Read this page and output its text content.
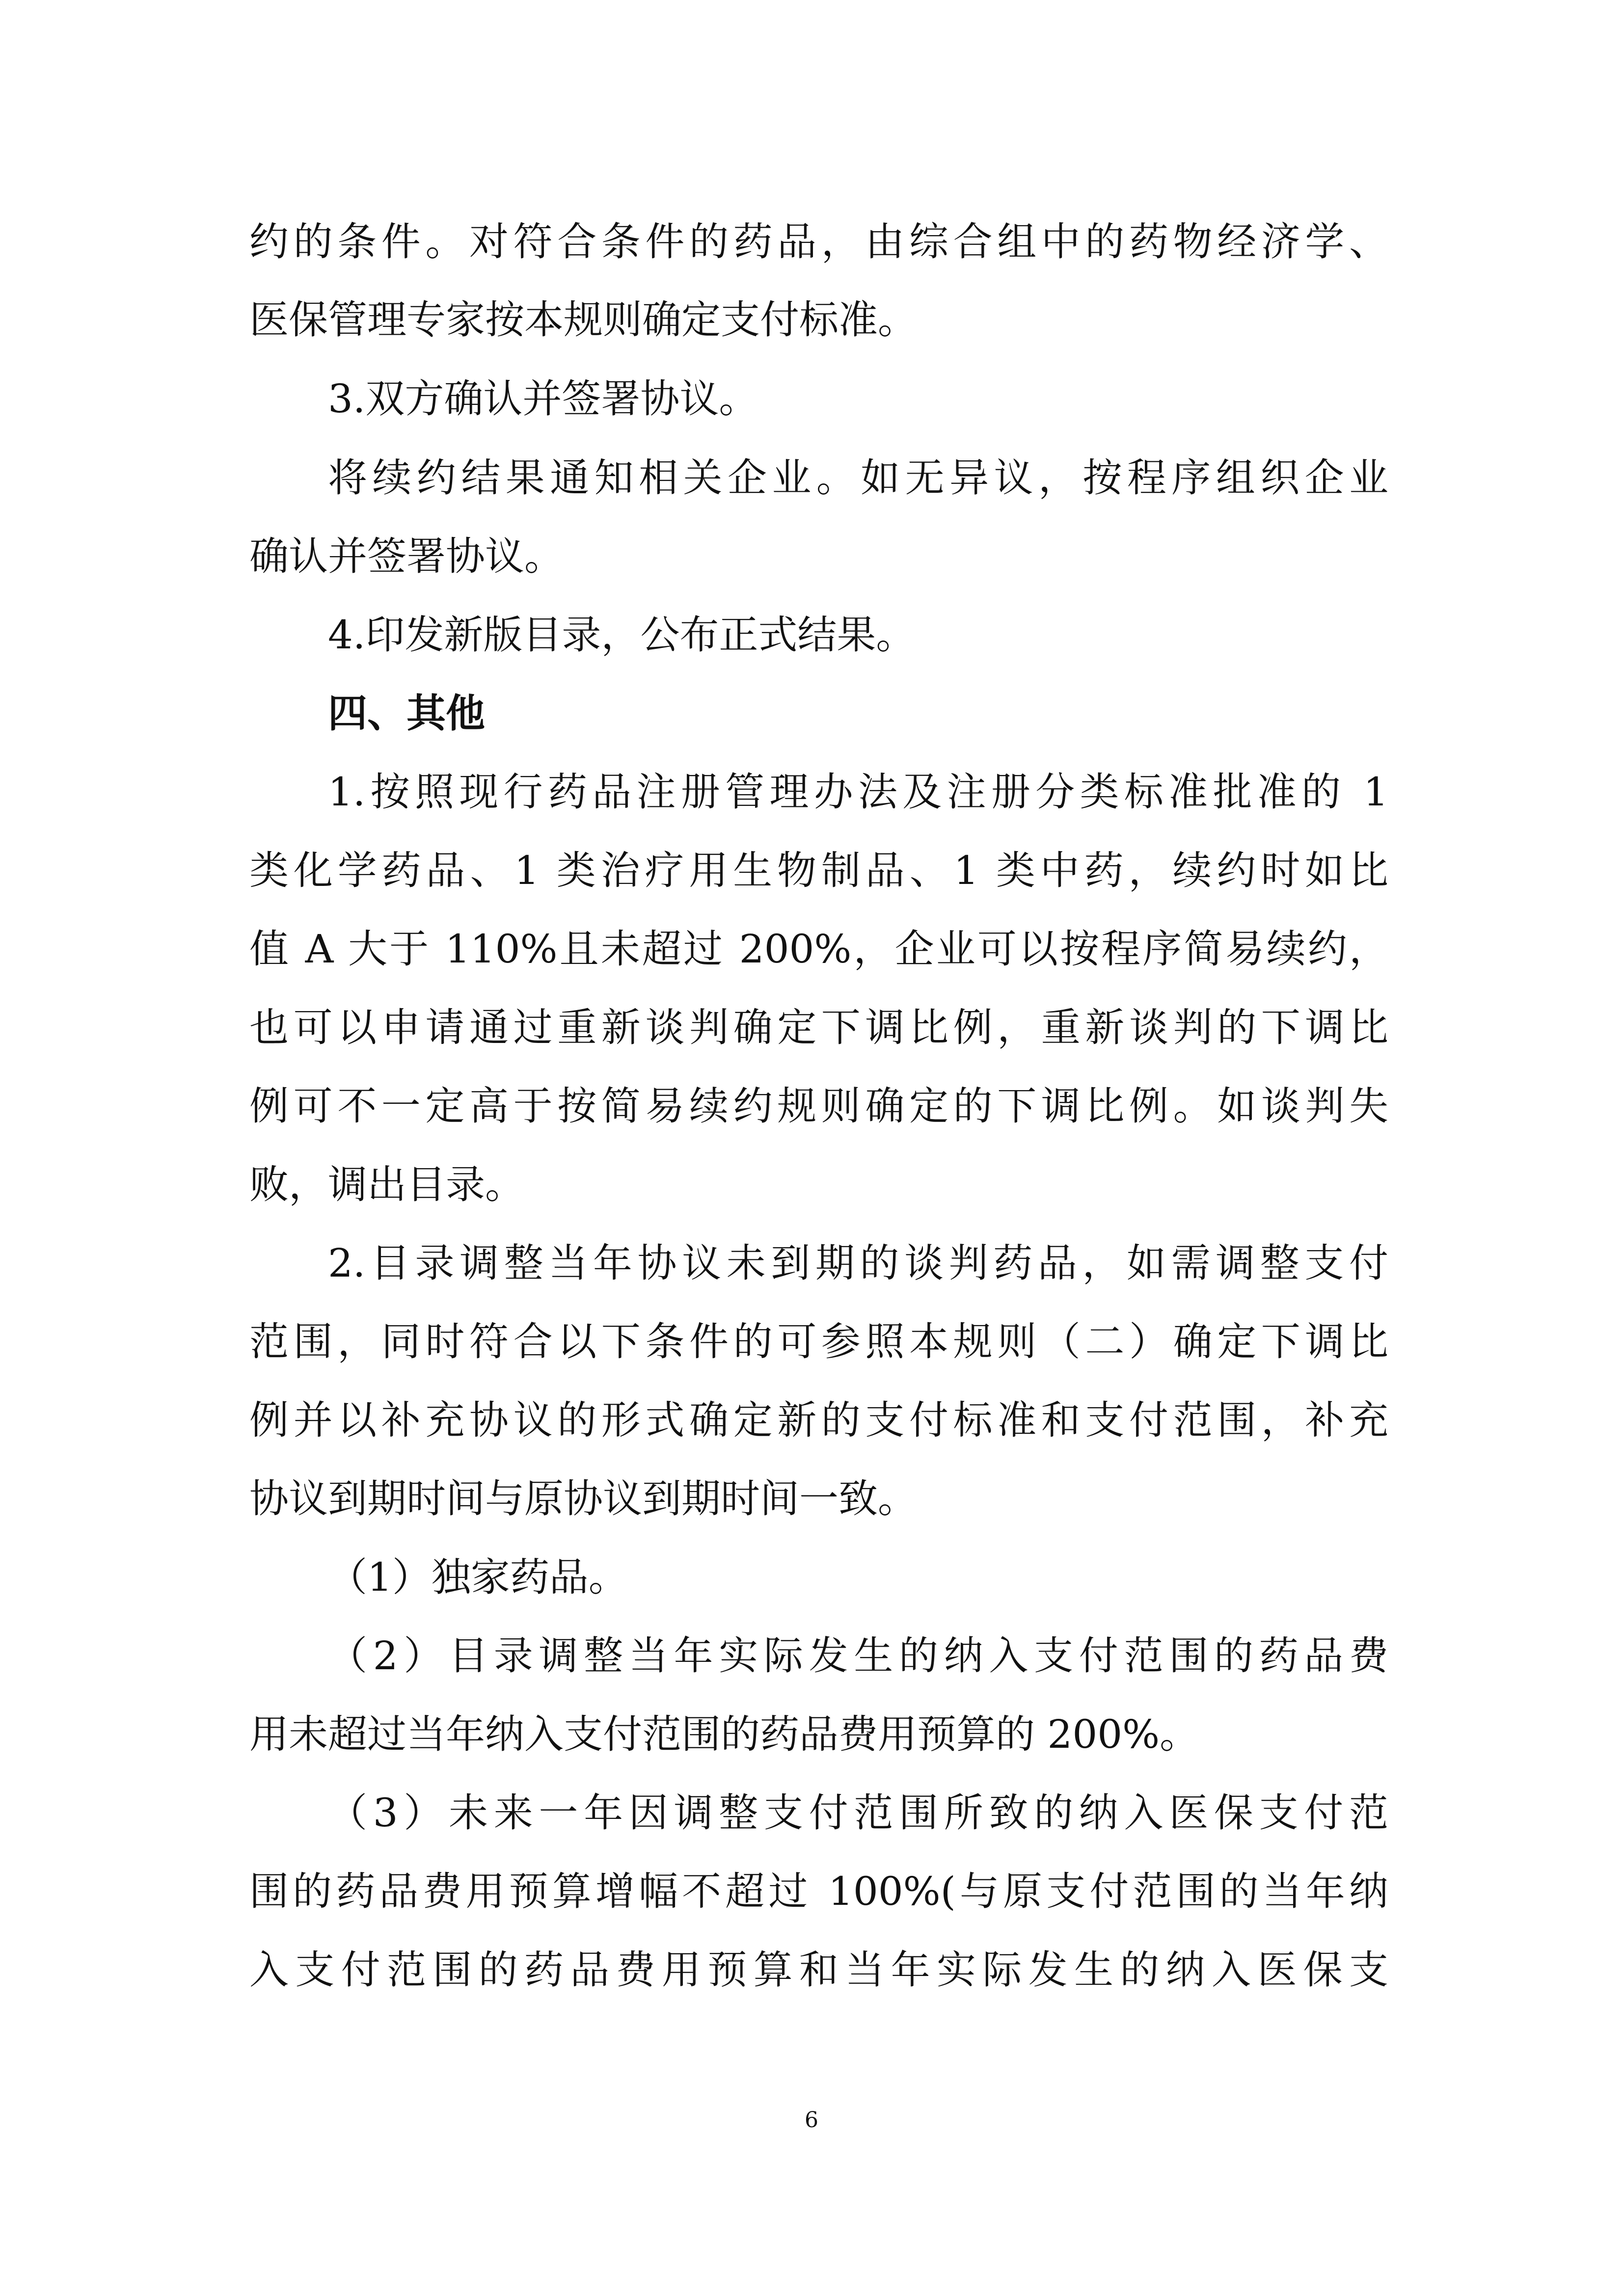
约的条件。对符合条件的药品，由综合组中的药物经济学、

医保管理专家按本规则确定支付标准。

3.双方确认并签署协议。

将续约结果通知相关企业。如无异议，按程序组织企业

确认并签署协议。

4.印发新版目录，公布正式结果。

四、其他

1.按照现行药品注册管理办法及注册分类标准批准的 1

类化学药品、1 类治疗用生物制品、1 类中药，续约时如比

值 A 大于 110%且未超过 200%，企业可以按程序简易续约，

也可以申请通过重新谈判确定下调比例，重新谈判的下调比

例可不一定高于按简易续约规则确定的下调比例。如谈判失

败，调出目录。

2.目录调整当年协议未到期的谈判药品，如需调整支付

范围，同时符合以下条件的可参照本规则（二）确定下调比

例并以补充协议的形式确定新的支付标准和支付范围，补充

协议到期时间与原协议到期时间一致。

（1）独家药品。

（2）目录调整当年实际发生的纳入支付范围的药品费

用未超过当年纳入支付范围的药品费用预算的 200%。

（3）未来一年因调整支付范围所致的纳入医保支付范

围的药品费用预算增幅不超过 100%(与原支付范围的当年纳

入支付范围的药品费用预算和当年实际发生的纳入医保支

6
